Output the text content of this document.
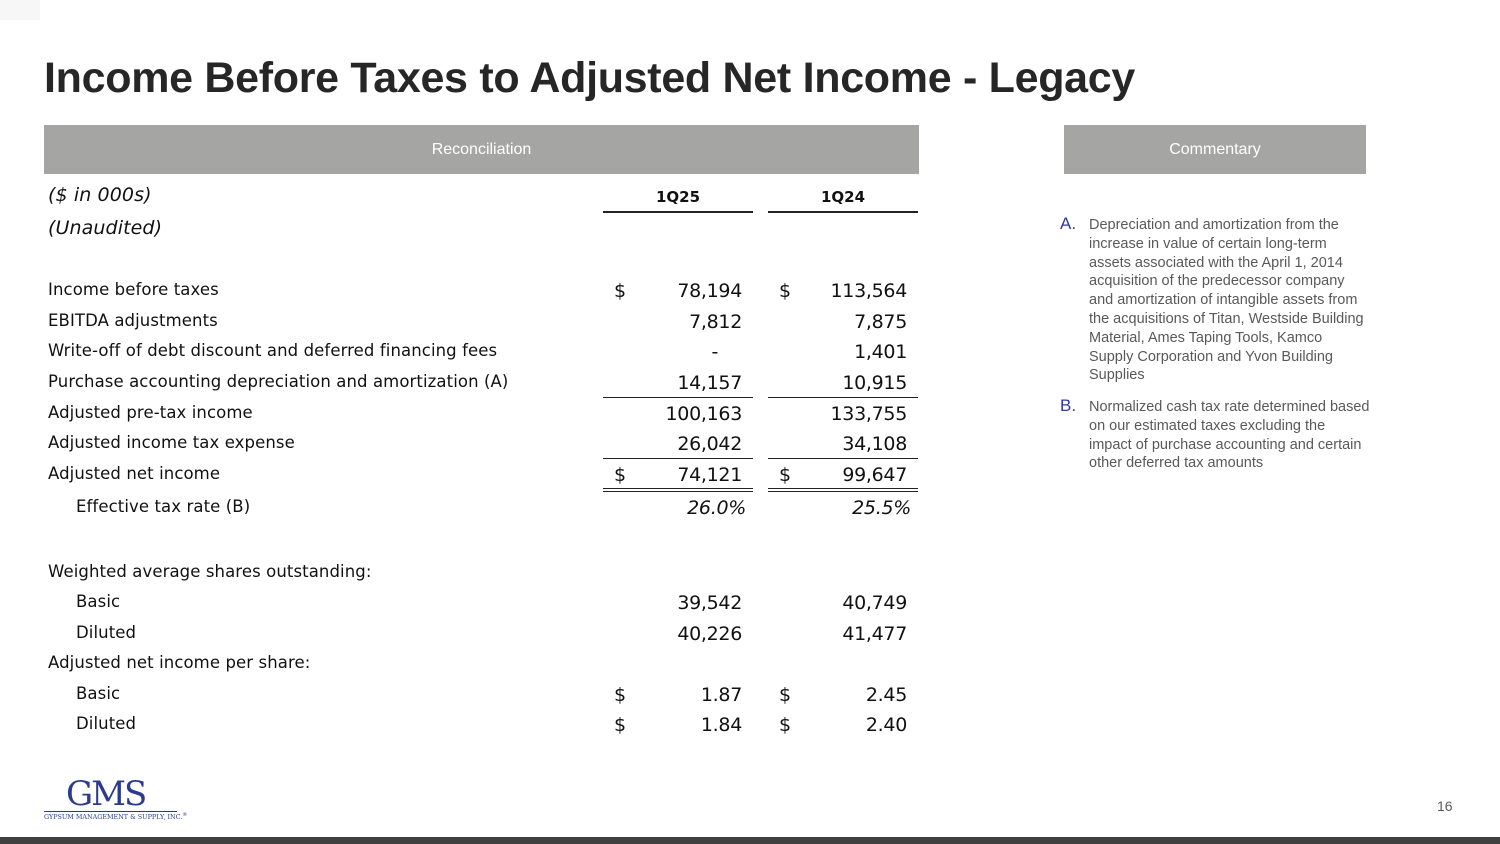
Income Before Taxes to Adjusted Net Income - Legacy
Reconciliation	Commentary
($ in 000s)	1Q25	1Q24
(Unaudited)
Income before taxes	$	78,194 $ 113,564
EBITDA adjustments	7,812	7,875
Write-off of debt discount and deferred financing fees	-	1,401
Purchase accounting depreciation and amortization (A)	14,157	10,915
Adjusted pre-tax income	100,163	133,755
Adjusted income tax expense	26,042	34,108
Adjusted net income	$	74,121 $	99,647
Effective tax rate (B)	26.0%	25.5%
Weighted average shares outstanding:
Basic	39,542	40,749
Diluted	40,226	41,477
Adjusted net income per share:
Basic	$	1.87 $	2.45
Diluted	$	1.84 $	2.40
A. Depreciation and amortization from the increase in value of certain long-term assets associated with the April 1, 2014 acquisition of the predecessor company and amortization of intangible assets from the acquisitions of Titan, Westside Building Material, Ames Taping Tools, Kamco Supply Corporation and Yvon Building Supplies
B. Normalized cash tax rate determined based on our estimated taxes excluding the impact of purchase accounting and certain other deferred tax amounts
GMS
GYPSUM MANAGEMENT & SUPPLY, INC.®
16
